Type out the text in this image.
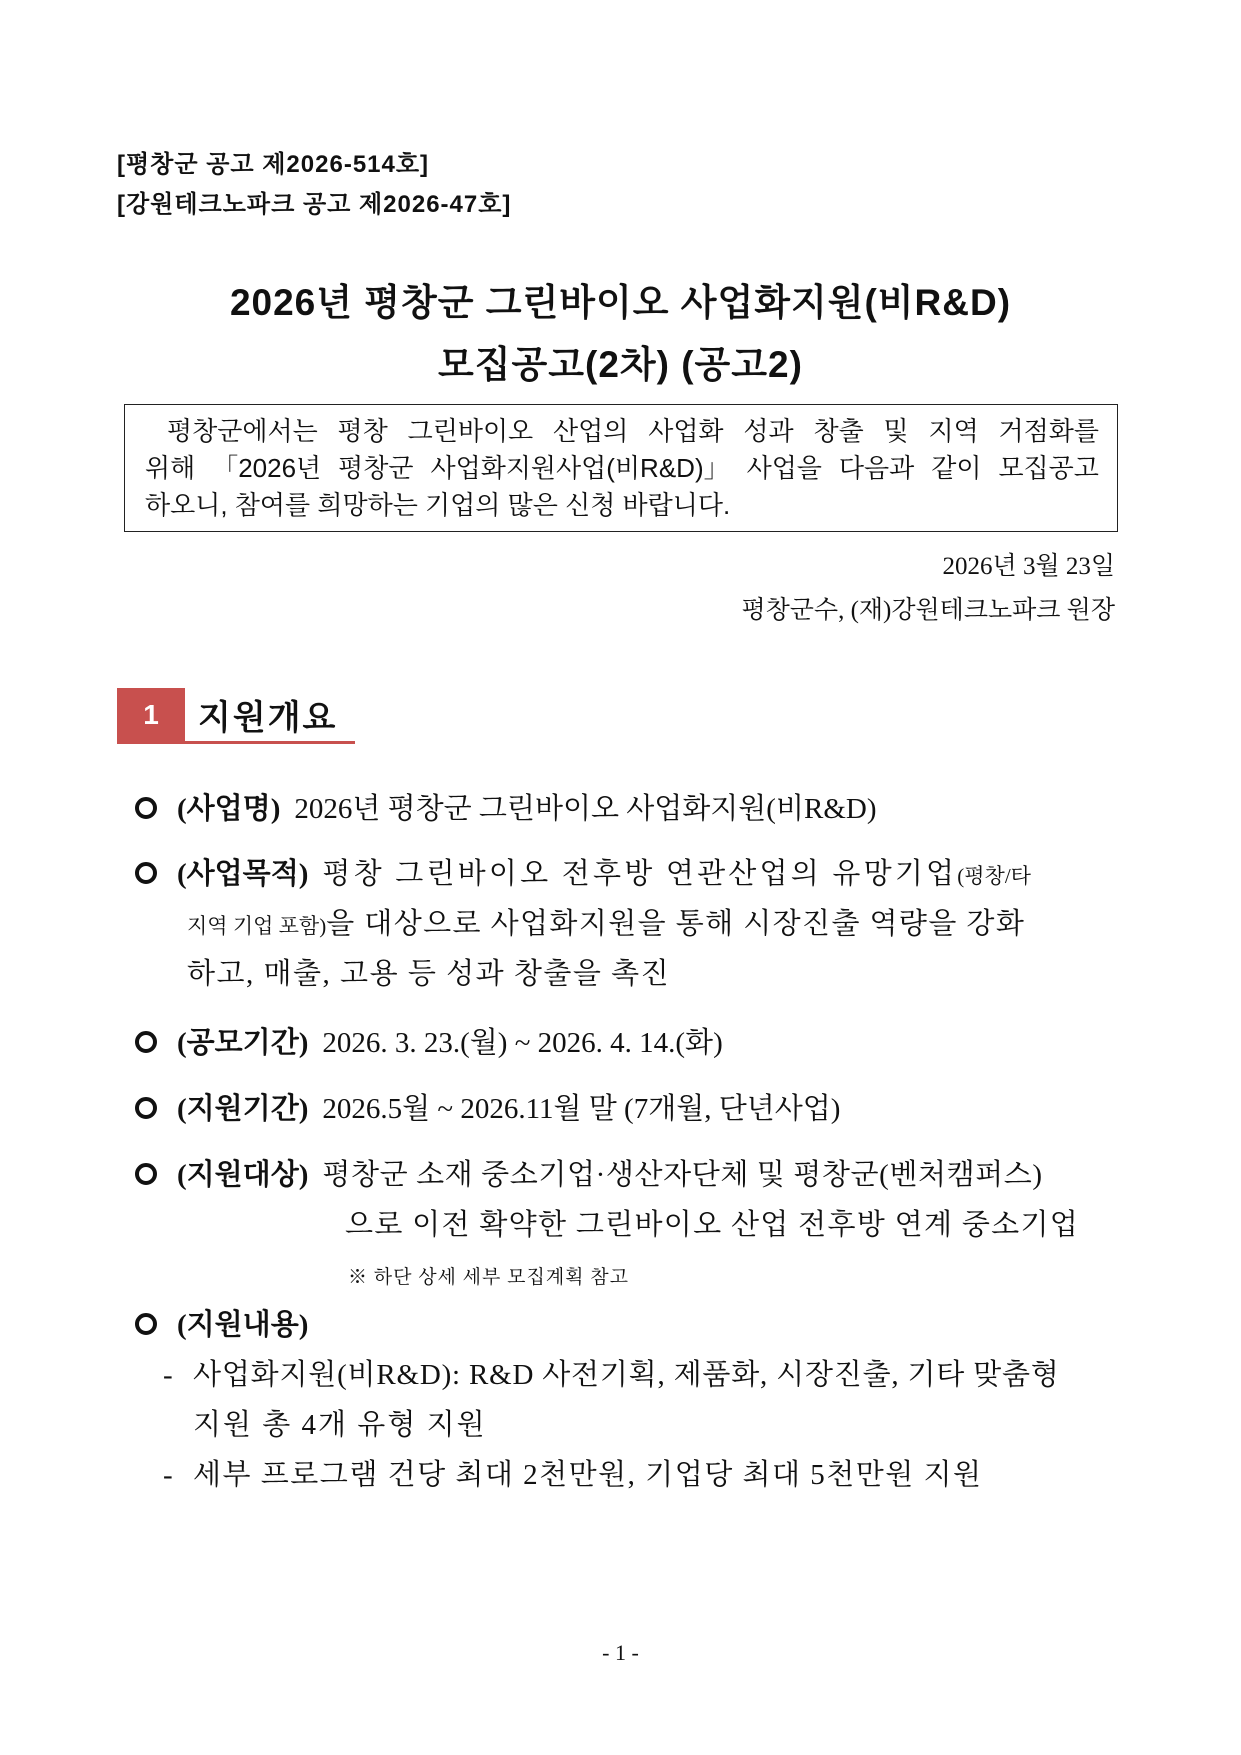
[평창군 공고 제2026-514호]
[강원테크노파크 공고 제2026-47호]
2026년 평창군 그린바이오 사업화지원(비R&D)
모집공고(2차) (공고2)
평창군에서는 평창 그린바이오 산업의 사업화 성과 창출 및 지역 거점화를
위해 「2026년 평창군 사업화지원사업(비R&D)」 사업을 다음과 같이 모집공고
하오니, 참여를 희망하는 기업의 많은 신청 바랍니다.
2026년 3월 23일
평창군수, (재)강원테크노파크 원장
1	지원개요
(사업명) 2026년 평창군 그린바이오 사업화지원(비R&D)
(사업목적) 평창 그린바이오 전후방 연관산업의 유망기업(평창/타
지역 기업 포함)을 대상으로 사업화지원을 통해 시장진출 역량을 강화
하고, 매출, 고용 등 성과 창출을 촉진
(공모기간) 2026. 3. 23.(월) ~ 2026. 4. 14.(화)
(지원기간) 2026.5월 ~ 2026.11월 말 (7개월, 단년사업)
(지원대상) 평창군 소재 중소기업·생산자단체 및 평창군(벤처캠퍼스)
으로 이전 확약한 그린바이오 산업 전후방 연계 중소기업
※ 하단 상세 세부 모집계획 참고
(지원내용)
- 사업화지원(비R&D): R&D 사전기획, 제품화, 시장진출, 기타 맞춤형
지원 총 4개 유형 지원
- 세부 프로그램 건당 최대 2천만원, 기업당 최대 5천만원 지원
- 1 -
